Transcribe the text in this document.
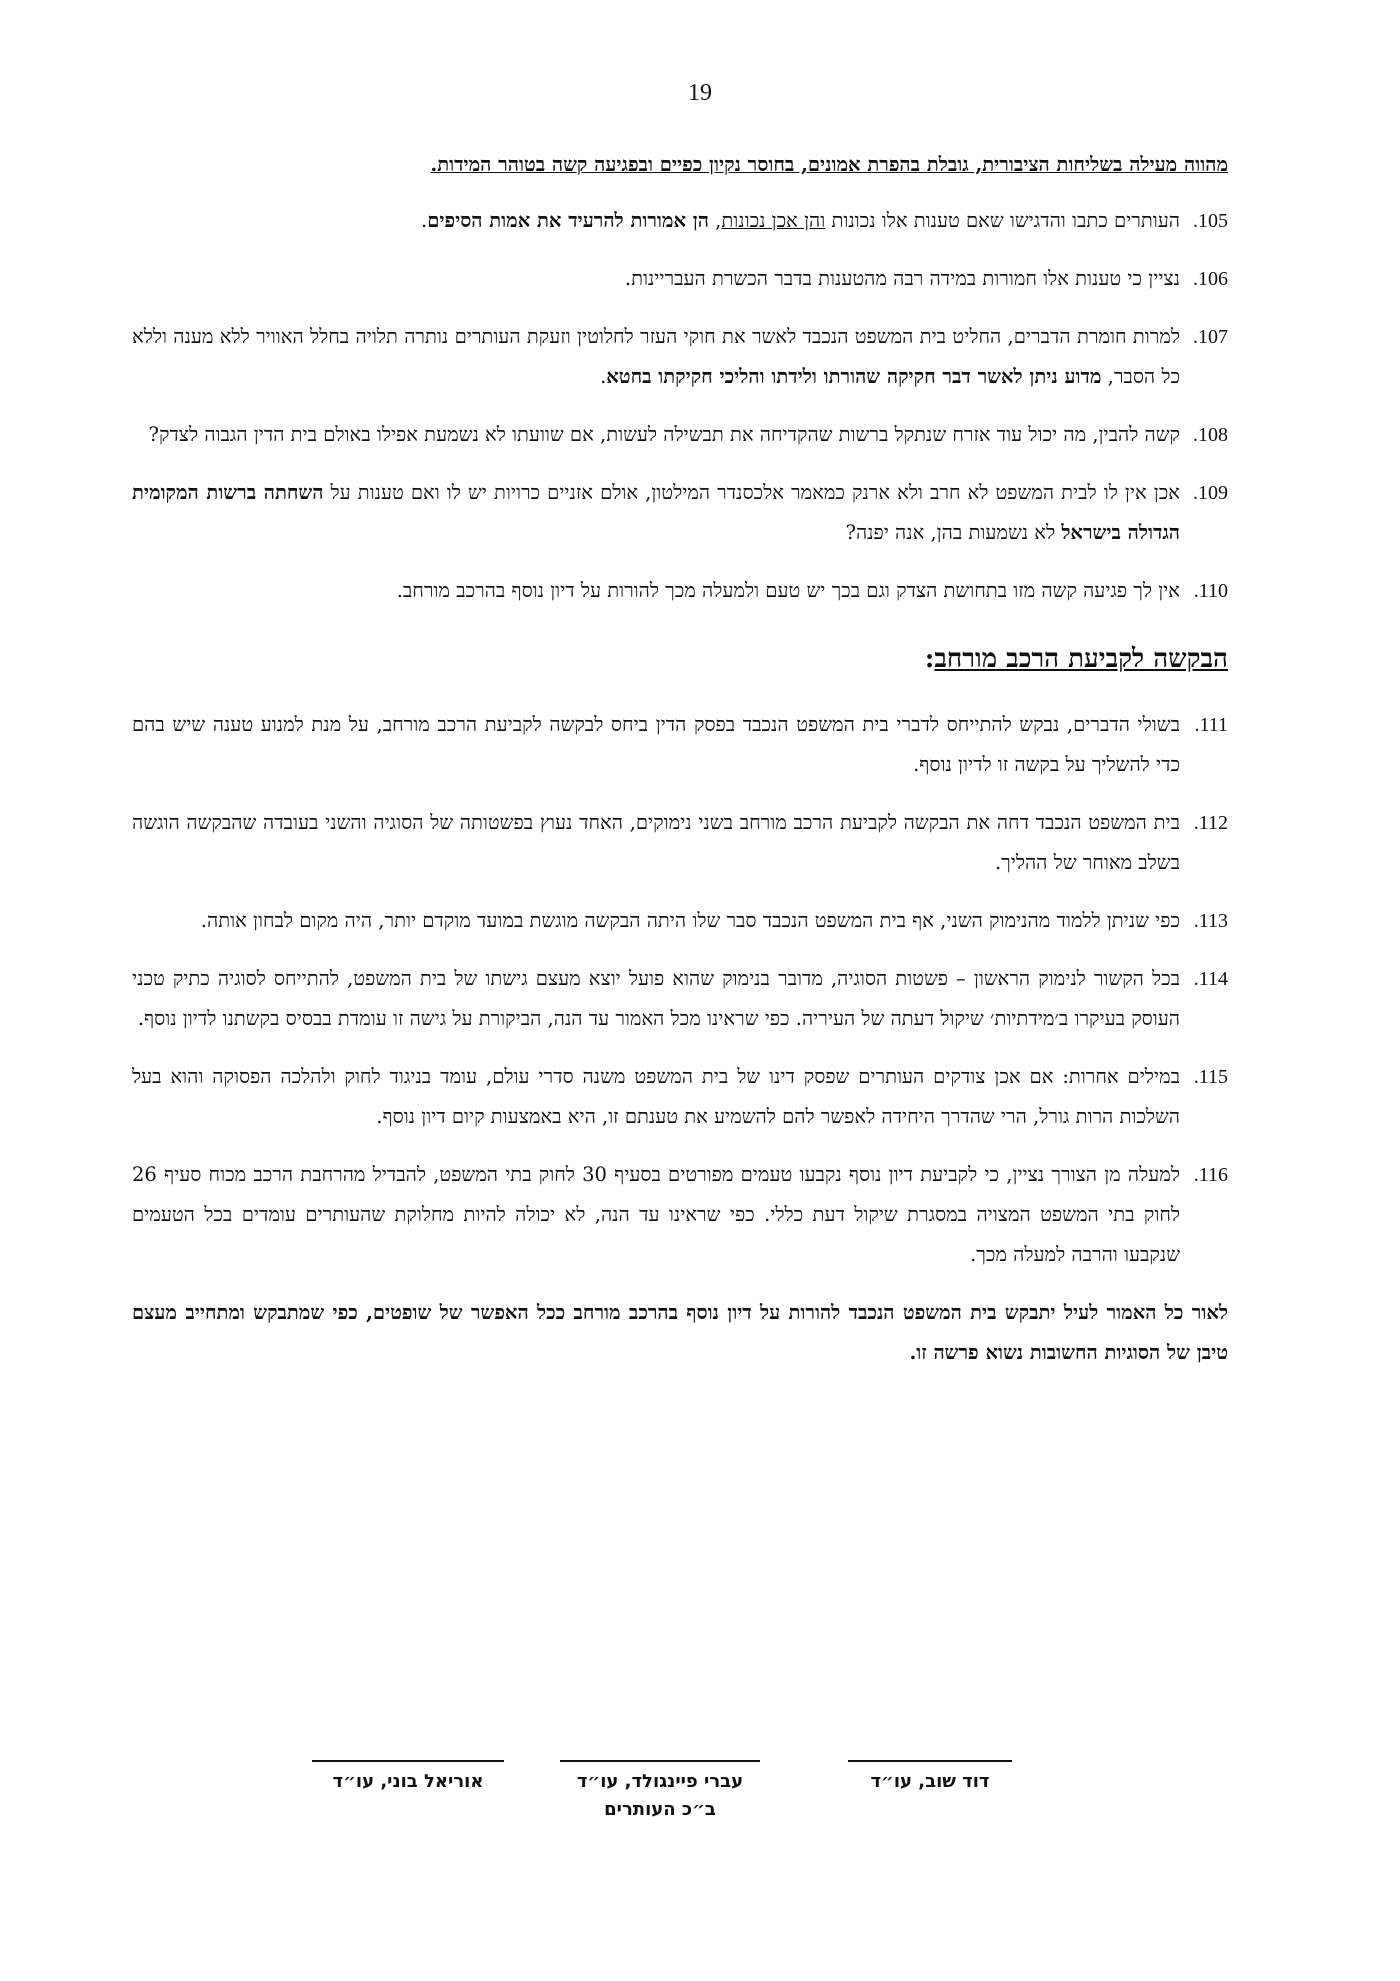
19

מהווה מעילה בשליחות הציבורית, גובלת בהפרת אמונים, בחוסר נקיון כפיים ובפגיעה קשה בטוהר המידות.

105.

העותרים כתבו והדגישו שאם טענות אלו נכונות והן אכן נכונות, הן אמורות להרעיד את אמות הסיפים.

106.

נציין כי טענות אלו חמורות במידה רבה מהטענות בדבר הכשרת העבריינות.

107.

למרות חומרת הדברים, החליט בית המשפט הנכבד לאשר את חוקי העזר לחלוטין וזעקת העותרים נותרה תלויה בחלל האוויר ללא מענה וללא כל הסבר, מדוע ניתן לאשר דבר חקיקה שהורתו ולידתו והליכי חקיקתו בחטא.

108.

קשה להבין, מה יכול עוד אזרח שנתקל ברשות שהקדיחה את תבשילה לעשות, אם שוועתו לא נשמעת אפילו באולם בית הדין הגבוה לצדק?

109.

אכן אין לו לבית המשפט לא חרב ולא ארנק כמאמר אלכסנדר המילטון, אולם אזניים כרויות יש לו ואם טענות על השחתה ברשות המקומית הגדולה בישראל לא נשמעות בהן, אנה יפנה?

110.

אין לך פגיעה קשה מזו בתחושת הצדק וגם בכך יש טעם ולמעלה מכך להורות על דיון נוסף בהרכב מורחב.

הבקשה לקביעת הרכב מורחב:
111.

בשולי הדברים, נבקש להתייחס לדברי בית המשפט הנכבד בפסק הדין ביחס לבקשה לקביעת הרכב מורחב, על מנת למנוע טענה שיש בהם כדי להשליך על בקשה זו לדיון נוסף.

112.

בית המשפט הנכבד דחה את הבקשה לקביעת הרכב מורחב בשני נימוקים, האחד נעוץ בפשטותה של הסוגיה והשני בעובדה שהבקשה הוגשה בשלב מאוחר של ההליך.

113.

כפי שניתן ללמוד מהנימוק השני, אף בית המשפט הנכבד סבר שלו היתה הבקשה מוגשת במועד מוקדם יותר, היה מקום לבחון אותה.

114.

בכל הקשור לנימוק הראשון – פשטות הסוגיה, מדובר בנימוק שהוא פועל יוצא מעצם גישתו של בית המשפט, להתייחס לסוגיה כתיק טכני העוסק בעיקרו ב׳מידתיות׳ שיקול דעתה של העיריה. כפי שראינו מכל האמור עד הנה, הביקורת על גישה זו עומדת בבסיס בקשתנו לדיון נוסף.

115.

במילים אחרות: אם אכן צודקים העותרים שפסק דינו של בית המשפט משנה סדרי עולם, עומד בניגוד לחוק ולהלכה הפסוקה והוא בעל השלכות הרות גורל, הרי שהדרך היחידה לאפשר להם להשמיע את טענתם זו, היא באמצעות קיום דיון נוסף.

116.

למעלה מן הצורך נציין, כי לקביעת דיון נוסף נקבעו טעמים מפורטים בסעיף 30 לחוק בתי המשפט, להבדיל מהרחבת הרכב מכוח סעיף 26 לחוק בתי המשפט המצויה במסגרת שיקול דעת כללי. כפי שראינו עד הנה, לא יכולה להיות מחלוקת שהעותרים עומדים בכל הטעמים שנקבעו והרבה למעלה מכך.

לאור כל האמור לעיל יתבקש בית המשפט הנכבד להורות על דיון נוסף בהרכב מורחב ככל האפשר של שופטים, כפי שמתבקש ומתחייב מעצם טיבן של הסוגיות החשובות נשוא פרשה זו.

דוד שוב, עו״ד
עברי פיינגולד, עו״ד
ב״כ העותרים
אוריאל בוני, עו״ד
